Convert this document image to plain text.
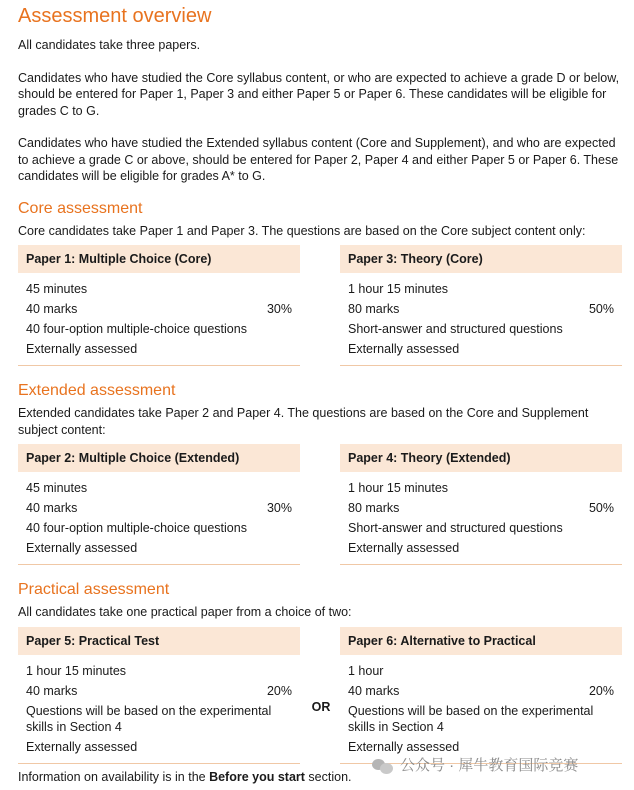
Assessment overview

All candidates take three papers.

Candidates who have studied the Core syllabus content, or who are expected to achieve a grade D or below, should be entered for Paper 1, Paper 3 and either Paper 5 or Paper 6. These candidates will be eligible for grades C to G.

Candidates who have studied the Extended syllabus content (Core and Supplement), and who are expected to achieve a grade C or above, should be entered for Paper 2, Paper 4 and either Paper 5 or Paper 6. These candidates will be eligible for grades A* to G.

Core assessment

Core candidates take Paper 1 and Paper 3. The questions are based on the Core subject content only:

Paper 1: Multiple Choice (Core)
45 minutes
40 marks	30%
40 four-option multiple-choice questions
Externally assessed
Paper 3: Theory (Core)
1 hour 15 minutes
80 marks	50%
Short-answer and structured questions
Externally assessed
Extended assessment

Extended candidates take Paper 2 and Paper 4. The questions are based on the Core and Supplement subject content:

Paper 2: Multiple Choice (Extended)
45 minutes
40 marks	30%
40 four-option multiple-choice questions
Externally assessed
Paper 4: Theory (Extended)
1 hour 15 minutes
80 marks	50%
Short-answer and structured questions
Externally assessed
Practical assessment

All candidates take one practical paper from a choice of two:

Paper 5: Practical Test
1 hour 15 minutes
40 marks	20%
Questions will be based on the experimental skills in Section 4
Externally assessed
OR
Paper 6: Alternative to Practical
1 hour
40 marks	20%
Questions will be based on the experimental skills in Section 4
Externally assessed

Information on availability is in the Before you start section.

公众号 · 犀牛教育国际竞赛
